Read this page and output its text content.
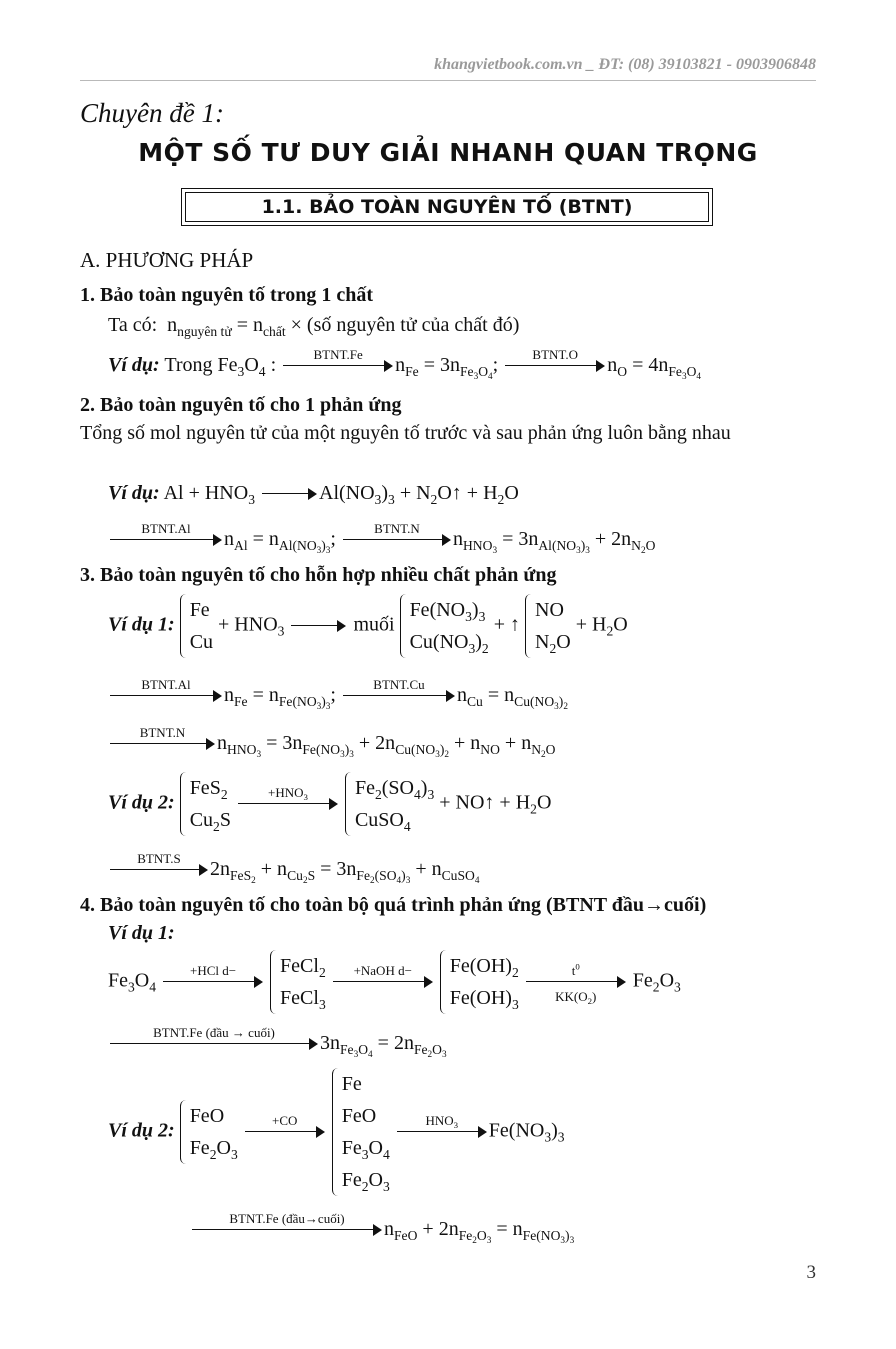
khangvietbook.com.vn _ ĐT: (08) 39103821 - 0903906848
Chuyên đề 1:
MỘT SỐ TƯ DUY GIẢI NHANH QUAN TRỌNG
1.1. BẢO TOÀN NGUYÊN TỐ (BTNT)
A. PHƯƠNG PHÁP
1. Bảo toàn nguyên tố trong 1 chất
Ta có:  $n_{nguyên tử} = n_{chất}$ × (số nguyên tử của chất đó)
Ví dụ: Trong $Fe_3O_4$ :	BTNT.Fe	$n_{Fe} = 3n_{Fe_3O_4}$;	BTNT.O	$n_O = 4n_{Fe_3O_4}$
2. Bảo toàn nguyên tố cho 1 phản ứng
Tổng số mol nguyên tử của một nguyên tố trước và sau phản ứng luôn bằng nhau
Ví dụ: $Al + HNO_3$	$Al(NO_3)_3$ + $N_2O↑ + H_2O$
BTNT.Al	$n_{Al} = n_{Al(NO_3)_3}$;	BTNT.N	$n_{HNO_3} = 3n_{Al(NO_3)_3} + 2n_{N_2O}$
3. Bảo toàn nguyên tố cho hỗn hợp nhiều chất phản ứng
Ví dụ 1:
Fe
Cu
+ $HNO_3$	muối
$Fe(NO_3)_3$
$Cu(NO_3)_2$
+ ↑
NO
$N_2O$
+ $H_2O$
BTNT.Al	$n_{Fe} = n_{Fe(NO_3)_3}$;	BTNT.Cu	$n_{Cu} = n_{Cu(NO_3)_2}$
BTNT.N	$n_{HNO_3} = 3n_{Fe(NO_3)_3} + 2n_{Cu(NO_3)_2} + n_{NO} + n_{N_2O}$
Ví dụ 2:
FeS$_2$
$Cu_2S$

$+HNO_3$
	$Fe_2(SO_4)_3$
CuSO$_4$
+ NO↑ + $H_2O$
BTNT.S	$2n_{FeS_2} + n_{Cu_2S} = 3n_{Fe_2(SO_4)_3} + n_{CuSO_4}$
4. Bảo toàn nguyên tố cho toàn bộ quá trình phản ứng (BTNT đầu→cuối)
Ví dụ 1:
$Fe_3O_4$
+HCl d−
	FeCl$_2$
FeCl$_3$

+NaOH d−
	$Fe(OH)_2$
$Fe(OH)_3$

$\frac{t^0}{KK(O_2)} Fe_2O_3$
BTNT.Fe (đầu → cuối)	$3n_{Fe_3O_4} = 2n_{Fe_2O_3}$
Ví dụ 2:
FeO
$Fe_2O_3$

+CO

Fe
FeO
$Fe_3O_4$
$Fe_2O_3$

$HNO_3$	$Fe(NO_3)_3$
BTNT.Fe (đầu→cuối)	$n_{FeO} + 2n_{Fe_2O_3} = n_{Fe(NO_3)_3}$
3
